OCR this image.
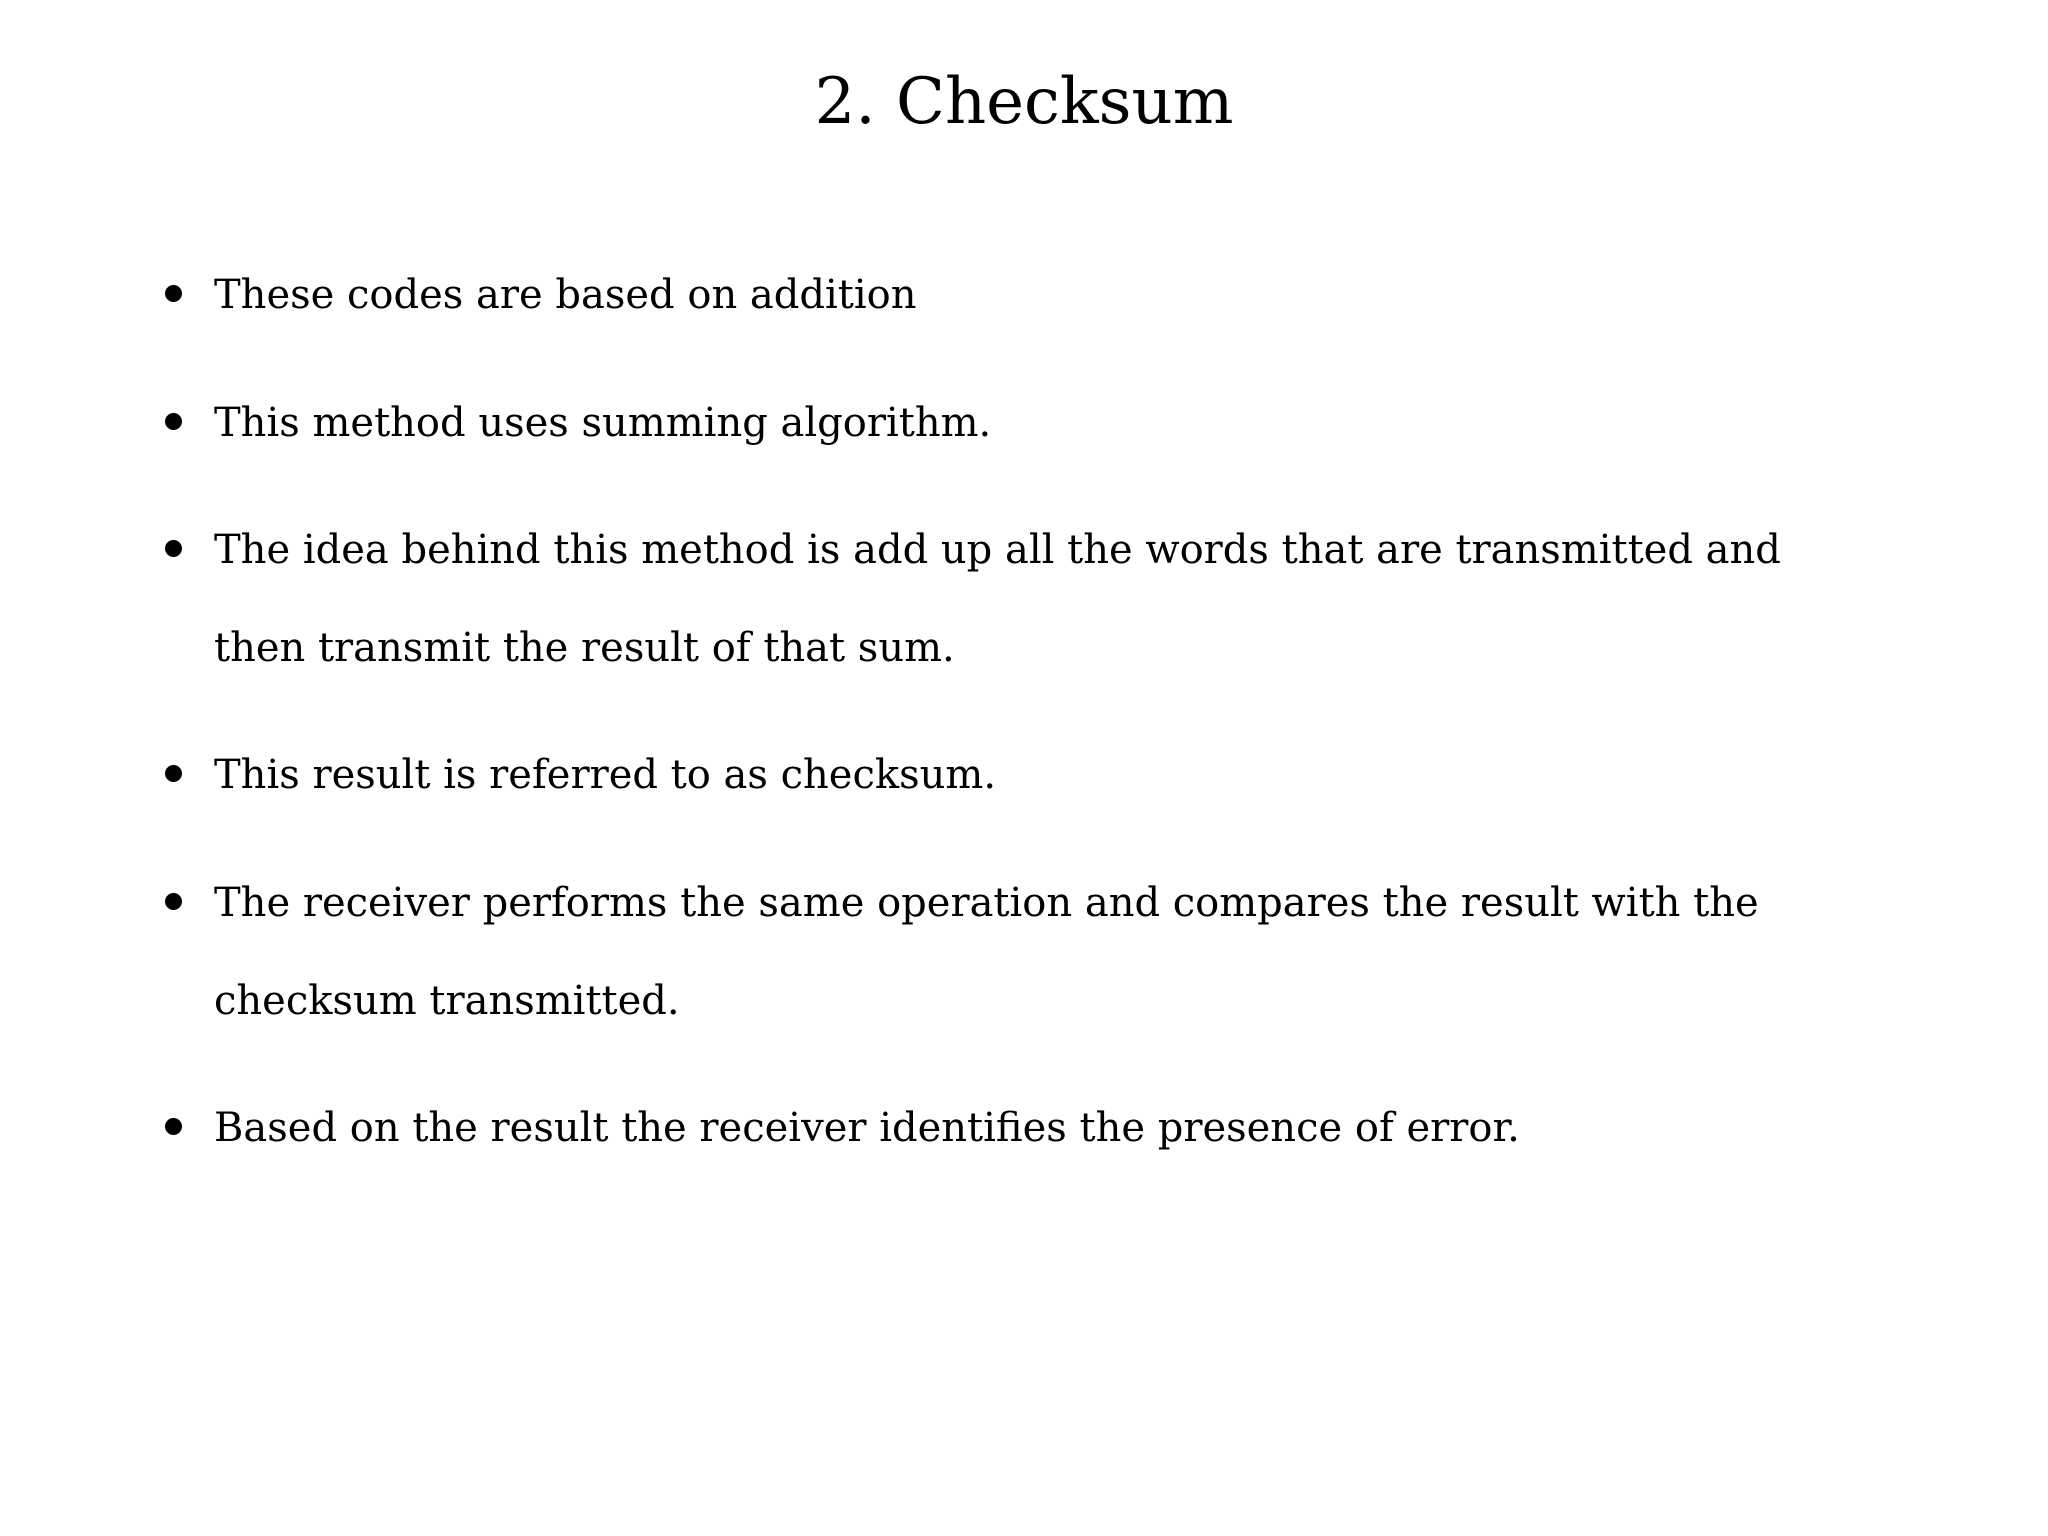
2. Checksum
These codes are based on addition
This method uses summing algorithm.
The idea behind this method is add up all the words that are transmitted and then transmit the result of that sum.
This result is referred to as checksum.
The receiver performs the same operation and compares the result with the checksum transmitted.
Based on the result the receiver identifies the presence of error.
